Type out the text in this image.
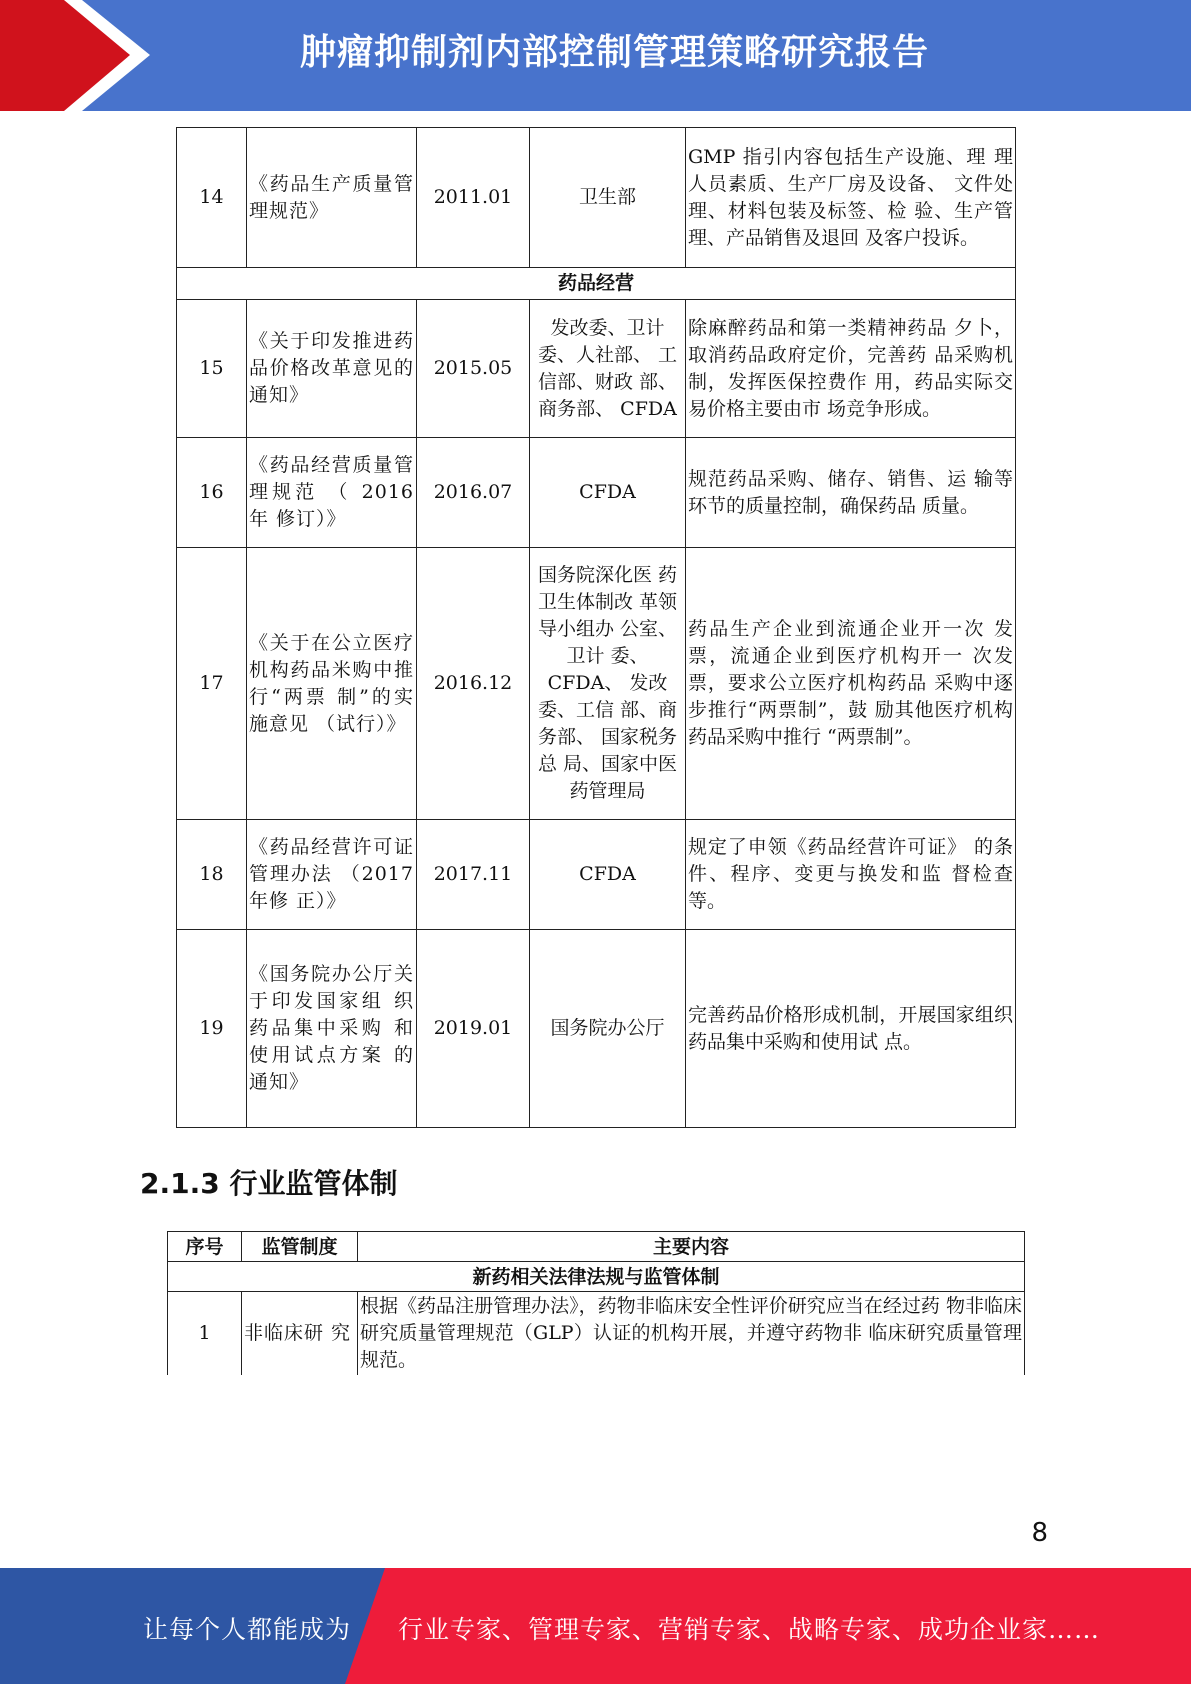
肿瘤抑制剂内部控制管理策略研究报告
14	《药品生产质量管理规范》	2011.01	卫生部	GMP 指引内容包括生产设施、理 理人员素质、生产厂房及设备、 文件处理、材料包装及标签、检 验、生产管理、产品销售及退回 及客户投诉。
药品经营				
15	《关于印发推进药品价格改革意见的通知》	2015.05	发改委、卫计委、人社部、 工信部、财政 部、商务部、 CFDA	除麻醉药品和第一类精神药品 夕卜，取消药品政府定价，完善药 品采购机制，发挥医保控费作 用，药品实际交易价格主要由市 场竞争形成。
16	《药品经营质量管理规范 （ 2016 年 修订）》	2016.07	CFDA	规范药品采购、储存、销售、运 输等环节的质量控制，确保药品 质量。
17	《关于在公立医疗机构药品米购中推行“两票 制”的实施意见 （试行）》	2016.12	国务院深化医 药卫生体制改 革领导小组办 公室、卫计 委、 CFDA、 发改委、工信 部、商务部、 国家税务总 局、国家中医 药管理局	药品生产企业到流通企业开一次 发票，流通企业到医疗机构开一 次发票，要求公立医疗机构药品 采购中逐步推行“两票制”，鼓 励其他医疗机构药品采购中推行 “两票制”。
18	《药品经营许可证管理办法 （2017 年修 正）》	2017.11	CFDA	规定了申领《药品经营许可证》 的条件、程序、变更与换发和监 督检查等。
19	《国务院办公厅关于印发国家组 织药品集中采购 和使用试点方案 的通知》	2019.01	国务院办公厅	完善药品价格形成机制，开展国家组织药品集中采购和使用试 点。
2.1.3 行业监管体制
序号	监管制度	主要内容
新药相关法律法规与监管体制		
1	非临床研 究	根据《药品注册管理办法》，药物非临床安全性评价研究应当在经过药 物非临床研究质量管理规范（GLP）认证的机构开展，并遵守药物非 临床研究质量管理规范。
8
让每个人都能成为 行业专家、管理专家、营销专家、战略专家、成功企业家……
